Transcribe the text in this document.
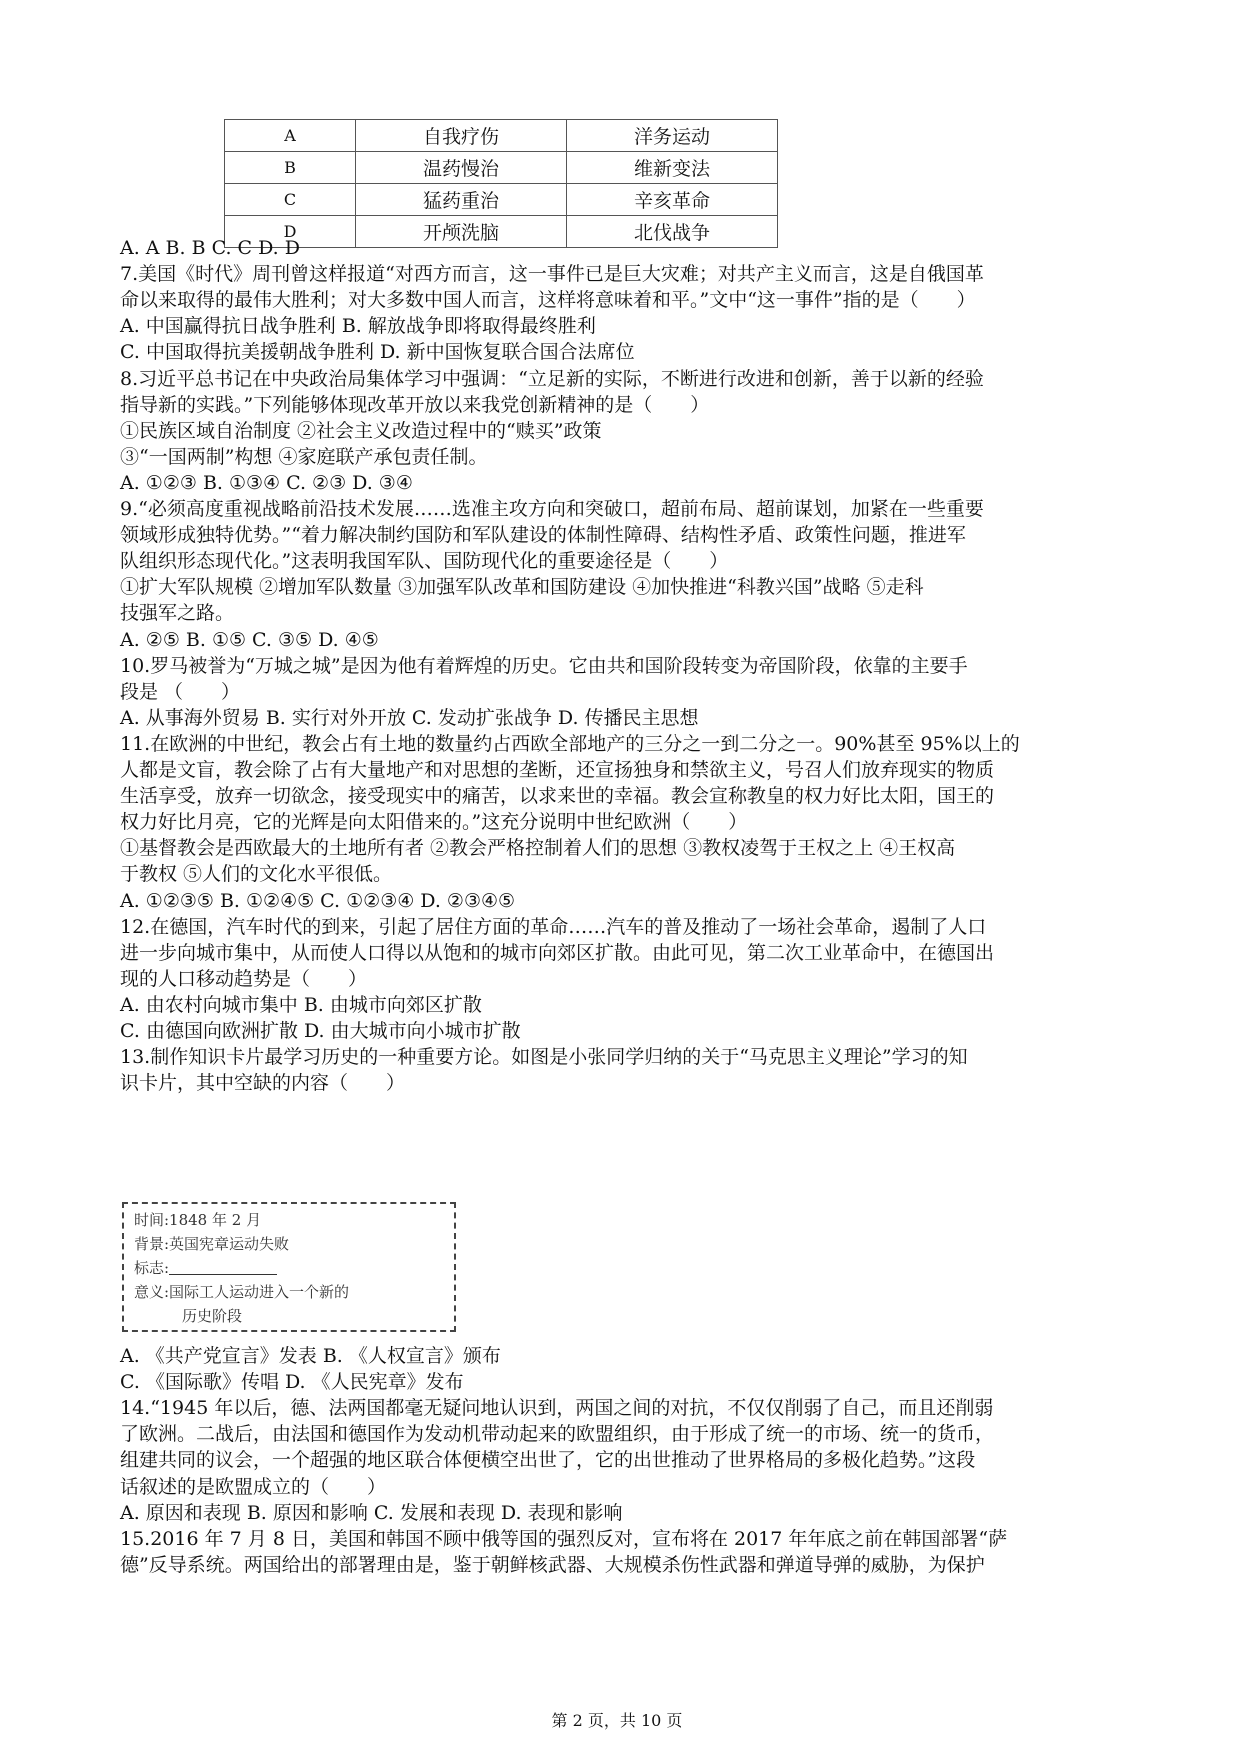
A	自我疗伤	洋务运动
B	温药慢治	维新变法
C	猛药重治	辛亥革命
D	开颅洗脑	北伐战争
A. A B. B C. C D. D
7.美国《时代》周刊曾这样报道“对西方而言，这一事件已是巨大灾难；对共产主义而言，这是自俄国革
命以来取得的最伟大胜利；对大多数中国人而言，这样将意味着和平。”文中“这一事件”指的是（　　）
A. 中国赢得抗日战争胜利 B. 解放战争即将取得最终胜利
C. 中国取得抗美援朝战争胜利 D. 新中国恢复联合国合法席位
8.习近平总书记在中央政治局集体学习中强调：“立足新的实际，不断进行改进和创新，善于以新的经验
指导新的实践。”下列能够体现改革开放以来我党创新精神的是（　　）
①民族区域自治制度 ②社会主义改造过程中的“赎买”政策
③“一国两制”构想 ④家庭联产承包责任制。
A. ①②③ B. ①③④ C. ②③ D. ③④
9.“必须高度重视战略前沿技术发展……选准主攻方向和突破口，超前布局、超前谋划，加紧在一些重要
领域形成独特优势。”“着力解决制约国防和军队建设的体制性障碍、结构性矛盾、政策性问题，推进军
队组织形态现代化。”这表明我国军队、国防现代化的重要途径是（　　）
①扩大军队规模 ②增加军队数量 ③加强军队改革和国防建设 ④加快推进“科教兴国”战略 ⑤走科
技强军之路。
A. ②⑤ B. ①⑤ C. ③⑤ D. ④⑤
10.罗马被誉为“万城之城”是因为他有着辉煌的历史。它由共和国阶段转变为帝国阶段，依靠的主要手
段是 （　　）
A. 从事海外贸易 B. 实行对外开放 C. 发动扩张战争 D. 传播民主思想
11.在欧洲的中世纪，教会占有土地的数量约占西欧全部地产的三分之一到二分之一。90%甚至 95%以上的
人都是文盲，教会除了占有大量地产和对思想的垄断，还宣扬独身和禁欲主义，号召人们放弃现实的物质
生活享受，放弃一切欲念，接受现实中的痛苦，以求来世的幸福。教会宣称教皇的权力好比太阳，国王的
权力好比月亮，它的光辉是向太阳借来的。”这充分说明中世纪欧洲（　　）
①基督教会是西欧最大的土地所有者 ②教会严格控制着人们的思想 ③教权凌驾于王权之上 ④王权高
于教权 ⑤人们的文化水平很低。
A. ①②③⑤ B. ①②④⑤ C. ①②③④ D. ②③④⑤
12.在德国，汽车时代的到来，引起了居住方面的革命……汽车的普及推动了一场社会革命，遏制了人口
进一步向城市集中，从而使人口得以从饱和的城市向郊区扩散。由此可见，第二次工业革命中，在德国出
现的人口移动趋势是（　　）
A. 由农村向城市集中 B. 由城市向郊区扩散
C. 由德国向欧洲扩散 D. 由大城市向小城市扩散
13.制作知识卡片最学习历史的一种重要方论。如图是小张同学归纳的关于“马克思主义理论”学习的知
识卡片，其中空缺的内容（　　）
时间:1848 年 2 月
背景:英国宪章运动失败
标志:
意义:国际工人运动进入一个新的
历史阶段
A. 《共产党宣言》发表 B. 《人权宣言》颁布
C. 《国际歌》传唱 D. 《人民宪章》发布
14.“1945 年以后，德、法两国都毫无疑问地认识到，两国之间的对抗，不仅仅削弱了自己，而且还削弱
了欧洲。二战后，由法国和德国作为发动机带动起来的欧盟组织，由于形成了统一的市场、统一的货币，
组建共同的议会，一个超强的地区联合体便横空出世了，它的出世推动了世界格局的多极化趋势。”这段
话叙述的是欧盟成立的（　　）
A. 原因和表现 B. 原因和影响 C. 发展和表现 D. 表现和影响
15.2016 年 7 月 8 日，美国和韩国不顾中俄等国的强烈反对，宣布将在 2017 年年底之前在韩国部署“萨
德”反导系统。两国给出的部署理由是，鉴于朝鲜核武器、大规模杀伤性武器和弹道导弹的威胁，为保护
第 2 页，共 10 页
